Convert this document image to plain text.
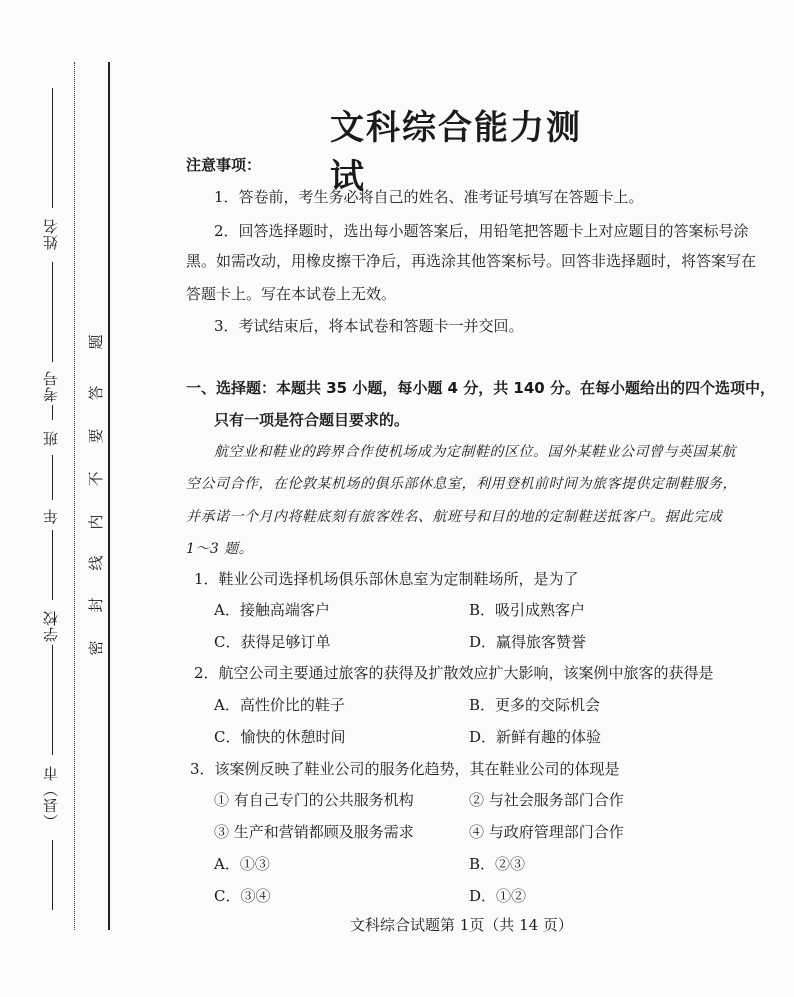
姓名
考号
班
年
学校
（县）市
密
封
线
内
不
要
答
题
文科综合能力测试
注意事项：
1．答卷前，考生务必将自己的姓名、准考证号填写在答题卡上。
2．回答选择题时，选出每小题答案后，用铅笔把答题卡上对应题目的答案标号涂
黑。如需改动，用橡皮擦干净后，再选涂其他答案标号。回答非选择题时，将答案写在
答题卡上。写在本试卷上无效。
3．考试结束后，将本试卷和答题卡一并交回。
一、选择题：本题共 35 小题，每小题 4 分，共 140 分。在每小题给出的四个选项中，
只有一项是符合题目要求的。
航空业和鞋业的跨界合作使机场成为定制鞋的区位。国外某鞋业公司曾与英国某航
空公司合作，在伦敦某机场的俱乐部休息室，利用登机前时间为旅客提供定制鞋服务，
并承诺一个月内将鞋底刻有旅客姓名、航班号和目的地的定制鞋送抵客户。据此完成
1～3 题。
1．鞋业公司选择机场俱乐部休息室为定制鞋场所，是为了
A．接触高端客户	B．吸引成熟客户
C．获得足够订单	D．赢得旅客赞誉
2．航空公司主要通过旅客的获得及扩散效应扩大影响，该案例中旅客的获得是
A．高性价比的鞋子	B．更多的交际机会
C．愉快的休憩时间	D．新鲜有趣的体验
3．该案例反映了鞋业公司的服务化趋势，其在鞋业公司的体现是
① 有自己专门的公共服务机构	② 与社会服务部门合作
③ 生产和营销都顾及服务需求	④ 与政府管理部门合作
A．①③	B．②③
C．③④	D．①②
文科综合试题第 1页（共 14 页）
